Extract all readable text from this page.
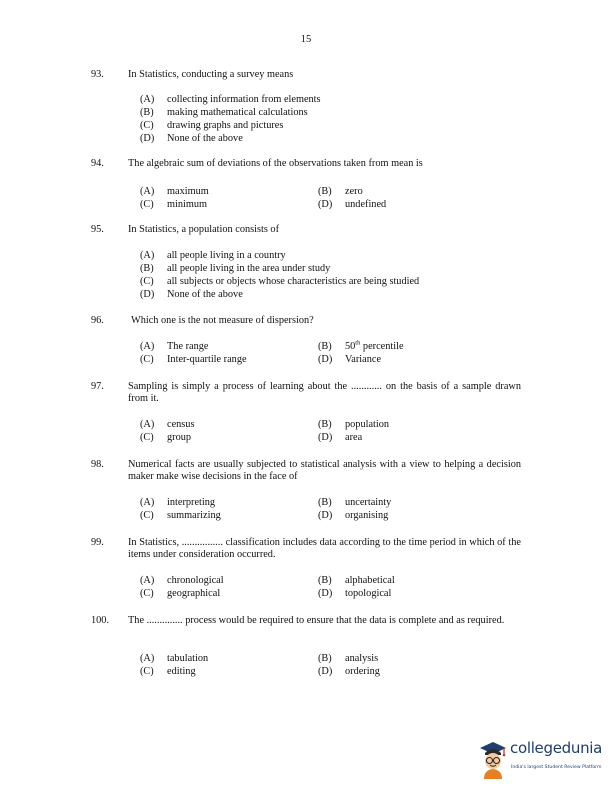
15
93. In Statistics, conducting a survey means
(A) collecting information from elements
(B) making mathematical calculations
(C) drawing graphs and pictures
(D) None of the above
94. The algebraic sum of deviations of the observations taken from mean is
(A) maximum	(B) zero
(C) minimum	(D) undefined
95. In Statistics, a population consists of
(A) all people living in a country
(B) all people living in the area under study
(C) all subjects or objects whose characteristics are being studied
(D) None of the above
96.	Which one is the not measure of dispersion?
(A) The range	(B) 50th percentile
(C) Inter-quartile range	(D) Variance
97. Sampling is simply a process of learning about the ............ on the basis of a sample drawn from it.
(A) census	(B) population
(C) group	(D) area
98. Numerical facts are usually subjected to statistical analysis with a view to helping a decision maker make wise decisions in the face of
(A) interpreting	(B) uncertainty
(C) summarizing	(D) organising
99. In Statistics, ................ classification includes data according to the time period in which of the items under consideration occurred.
(A) chronological	(B) alphabetical
(C) geographical	(D) topological
100. The .............. process would be required to ensure that the data is complete and as required.
(A) tabulation	(B) analysis
(C) editing	(D) ordering
collegedunia
India's largest Student Review Platform
